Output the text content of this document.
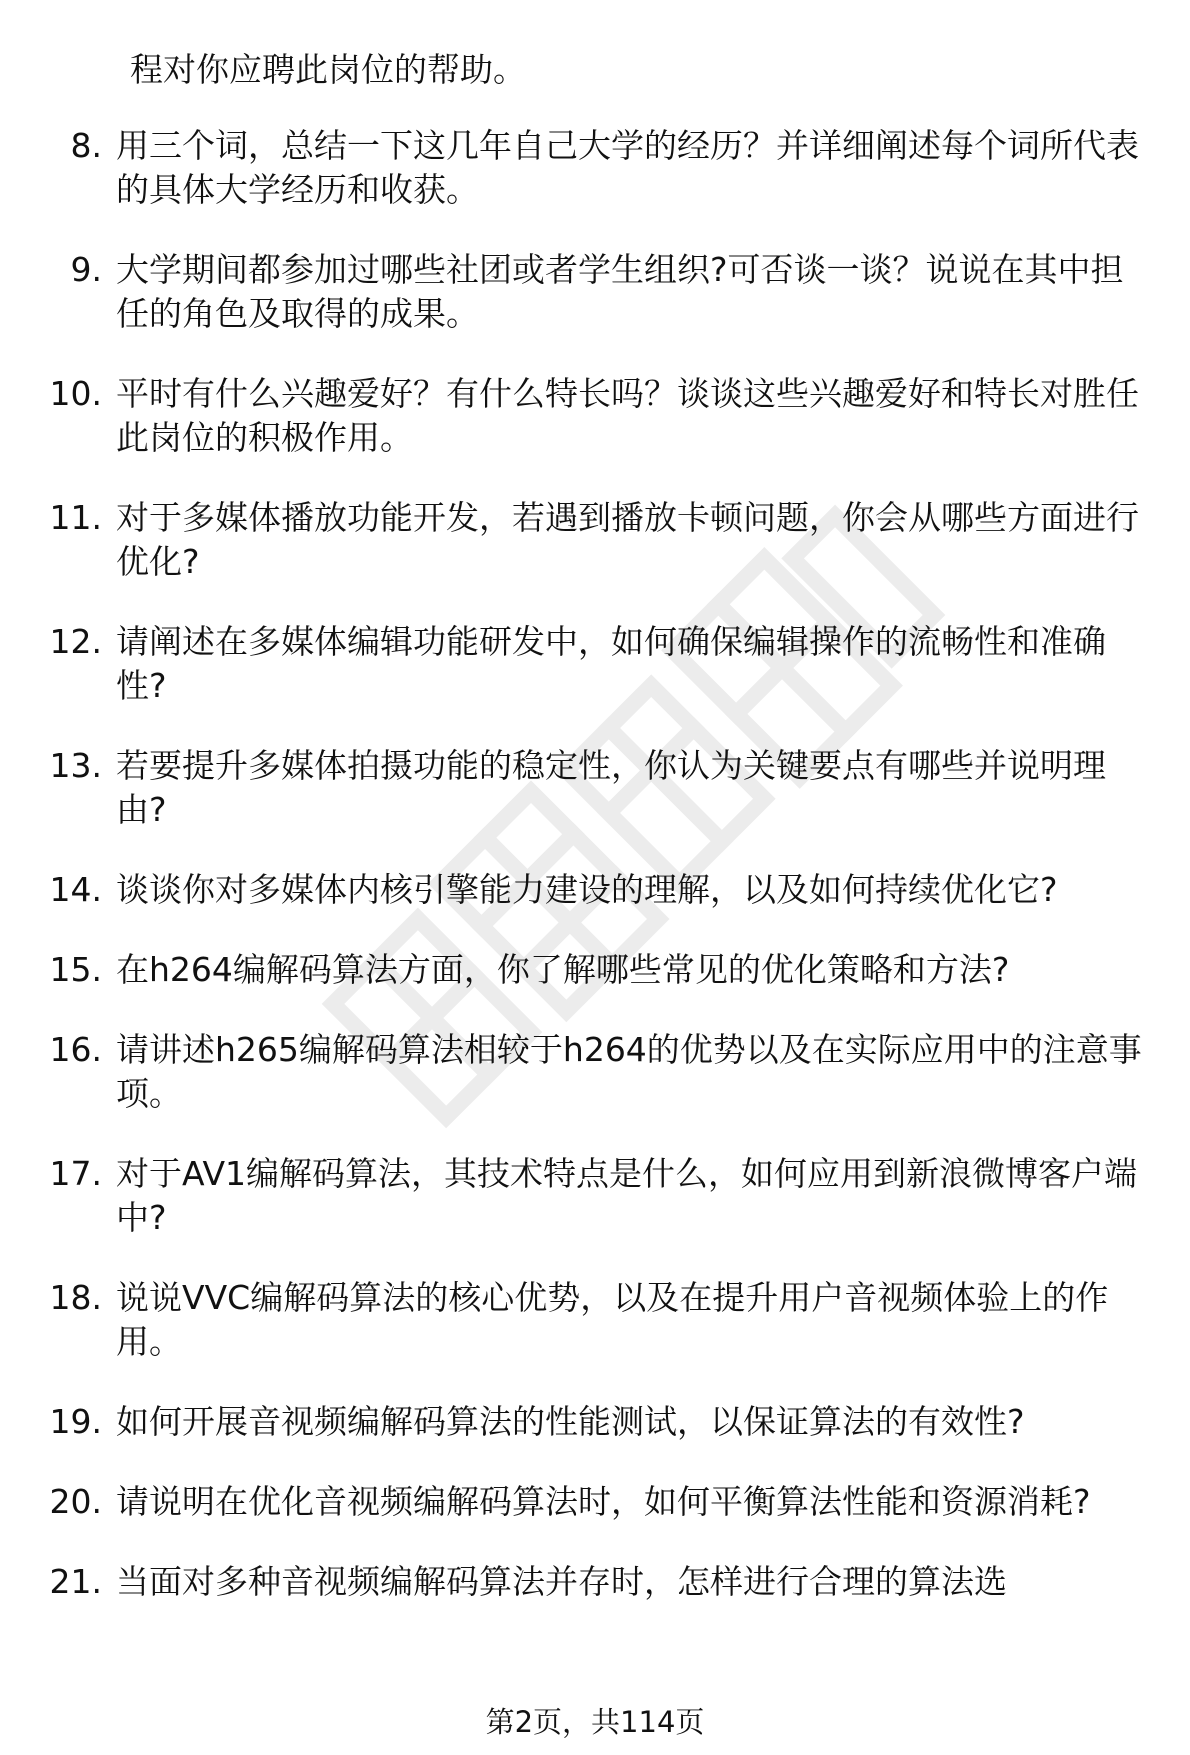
程对你应聘此岗位的帮助。
8. 用三个词，总结一下这几年自己大学的经历？并详细阐述每个词所代表的具体大学经历和收获。
9. 大学期间都参加过哪些社团或者学生组织?可否谈一谈？说说在其中担任的角色及取得的成果。
10. 平时有什么兴趣爱好？有什么特长吗？谈谈这些兴趣爱好和特长对胜任此岗位的积极作用。
11. 对于多媒体播放功能开发，若遇到播放卡顿问题，你会从哪些方面进行优化?
12. 请阐述在多媒体编辑功能研发中，如何确保编辑操作的流畅性和准确性?
13. 若要提升多媒体拍摄功能的稳定性，你认为关键要点有哪些并说明理由?
14. 谈谈你对多媒体内核引擎能力建设的理解，以及如何持续优化它?
15. 在h264编解码算法方面，你了解哪些常见的优化策略和方法?
16. 请讲述h265编解码算法相较于h264的优势以及在实际应用中的注意事项。
17. 对于AV1编解码算法，其技术特点是什么，如何应用到新浪微博客户端中?
18. 说说VVC编解码算法的核心优势，以及在提升用户音视频体验上的作用。
19. 如何开展音视频编解码算法的性能测试，以保证算法的有效性?
20. 请说明在优化音视频编解码算法时，如何平衡算法性能和资源消耗?
21. 当面对多种音视频编解码算法并存时，怎样进行合理的算法选
第2页，共114页
